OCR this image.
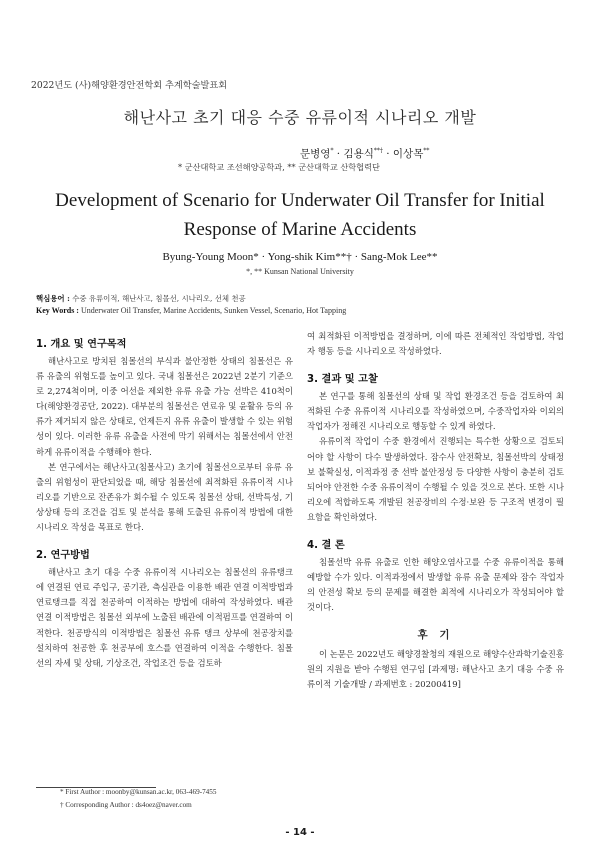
2022년도 (사)해양환경안전학회 추계학술발표회
해난사고 초기 대응 수중 유류이적 시나리오 개발
문병영* · 김용식**† · 이상목**
* 군산대학교 조선해양공학과, ** 군산대학교 산학협력단
Development of Scenario for Underwater Oil Transfer for Initial Response of Marine Accidents
Byung-Young Moon* · Yong-shik Kim**† · Sang-Mok Lee**
*, ** Kunsan National University
핵심용어 : 수중 유류이적, 해난사고, 침몰선, 시나리오, 선체 천공
Key Words : Underwater Oil Transfer, Marine Accidents, Sunken Vessel, Scenario, Hot Tapping
1. 개요 및 연구목적

해난사고로 방치된 침몰선의 부식과 불안정한 상태의 침몰선은 유류 유출의 위험도를 높이고 있다. 국내 침몰선은 2022년 2분기 기준으로 2,274척이며, 이중 어선을 제외한 유류 유출 가능 선박은 410척이다(해양환경공단, 2022). 대부분의 침몰선은 연료유 및 윤활유 등의 유류가 제거되지 않은 상태로, 언제든지 유류 유출이 발생할 수 있는 위험성이 있다. 이러한 유류 유출을 사전에 막기 위해서는 침몰선에서 안전하게 유류이적을 수행해야 한다.

본 연구에서는 해난사고(침몰사고) 초기에 침몰선으로부터 유류 유출의 위험성이 판단되었을 때, 해당 침몰선에 최적화된 유류이적 시나리오를 기반으로 잔존유가 회수될 수 있도록 침몰선 상태, 선박특성, 기상상태 등의 조건을 검토 및 분석을 통해 도출된 유류이적 방법에 대한 시나리오 작성을 목표로 한다.

2. 연구방법

해난사고 초기 대응 수중 유류이적 시나리오는 침몰선의 유류탱크에 연결된 연료 주입구, 공기관, 측심관을 이용한 배관 연결 이적방법과 연료탱크를 직접 천공하여 이적하는 방법에 대하여 작성하였다. 배관 연결 이적방법은 침몰선 외부에 노출된 배관에 이적펌프를 연결하여 이적한다. 천공방식의 이적방법은 침몰선 유류 탱크 상부에 천공장치를 설치하여 천공한 후 천공부에 호스를 연결하여 이적을 수행한다. 침몰선의 자세 및 상태, 기상조건, 작업조건 등을 검토하

여 최적화된 이적방법을 결정하며, 이에 따른 전체적인 작업방법, 작업자 행동 등을 시나리오로 작성하였다.

3. 결과 및 고찰

본 연구를 통해 침몰선의 상태 및 작업 환경조건 등을 검토하여 최적화된 수중 유류이적 시나리오를 작성하였으며, 수중작업자와 이외의 작업자가 정해진 시나리오로 행동할 수 있게 하였다.

유류이적 작업이 수중 환경에서 진행되는 특수한 상황으로 검토되어야 할 사항이 다수 발생하였다. 잠수사 안전확보, 침몰선박의 상태정보 불확실성, 이적과정 중 선박 불안정성 등 다양한 사항이 충분히 검토되어야 안전한 수중 유류이적이 수행될 수 있을 것으로 본다. 또한 시나리오에 적합하도록 개발된 천공장비의 수정·보완 등 구조적 변경이 필요함을 확인하였다.

4. 결 론

침몰선박 유류 유출로 인한 해양오염사고를 수중 유류이적을 통해 예방할 수가 있다. 이적과정에서 발생할 유류 유출 문제와 잠수 작업자의 안전성 확보 등의 문제를 해결한 최적에 시나리오가 작성되어야 할 것이다.

후 기

이 논문은 2022년도 해양경찰청의 재원으로 해양수산과학기술진흥원의 지원을 받아 수행된 연구임 [과제명: 해난사고 초기 대응 수중 유류이적 기술개발 / 과제번호 : 20200419]

* First Author : moonby@kunsan.ac.kr, 063-469-7455
† Corresponding Author : ds4oez@naver.com
- 14 -
